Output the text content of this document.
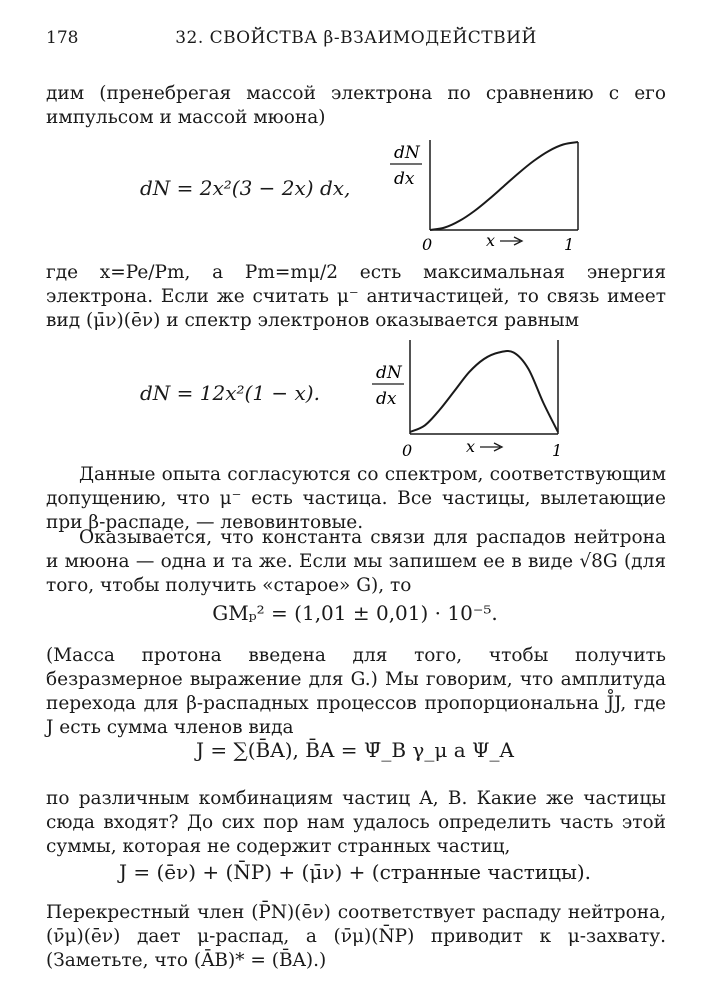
178	32. СВОЙСТВА β-ВЗАИМОДЕЙСТВИЙ

дим (пренебрегая массой электрона по сравнению с его импульсом и массой мюона)

dN = 2x²(3 − 2x) dx,
dN
dx
0	x	1

где x=Pe/Pm, а Pm=mμ/2 есть максимальная энергия электрона. Если же считать μ⁻ античастицей, то связь имеет вид (μ̄ν)(ēν) и спектр электронов оказывается равным

dN = 12x²(1 − x).
dN
dx
0	x	1

Данные опыта согласуются со спектром, соответствующим допущению, что μ⁻ есть частица. Все частицы, вылетающие при β-распаде, — левовинтовые.

Оказывается, что константа связи для распадов нейтрона и мюона — одна и та же. Если мы запишем ее в виде √8G (для того, чтобы получить «старое» G), то

GMₚ² = (1,01 ± 0,01) · 10⁻⁵.

(Масса протона введена для того, чтобы получить безразмерное выражение для G.) Мы говорим, что амплитуда перехода для β-распадных процессов пропорциональна J̊J, где J есть сумма членов вида

J = ∑(B̄A), B̄A = Ψ̄_B γ_μ a Ψ_A

по различным комбинациям частиц A, B. Какие же частицы сюда входят? До сих пор нам удалось определить часть этой суммы, которая не содержит странных частиц,

J = (ēν) + (N̄P) + (μ̄ν) + (странные частицы).

Перекрестный член (P̄N)(ēν) соответствует распаду нейтрона, (ν̄μ)(ēν) дает μ-распад, а (ν̄μ)(N̄P) приводит к μ-захвату. (Заметьте, что (ĀB)* = (B̄A).)
